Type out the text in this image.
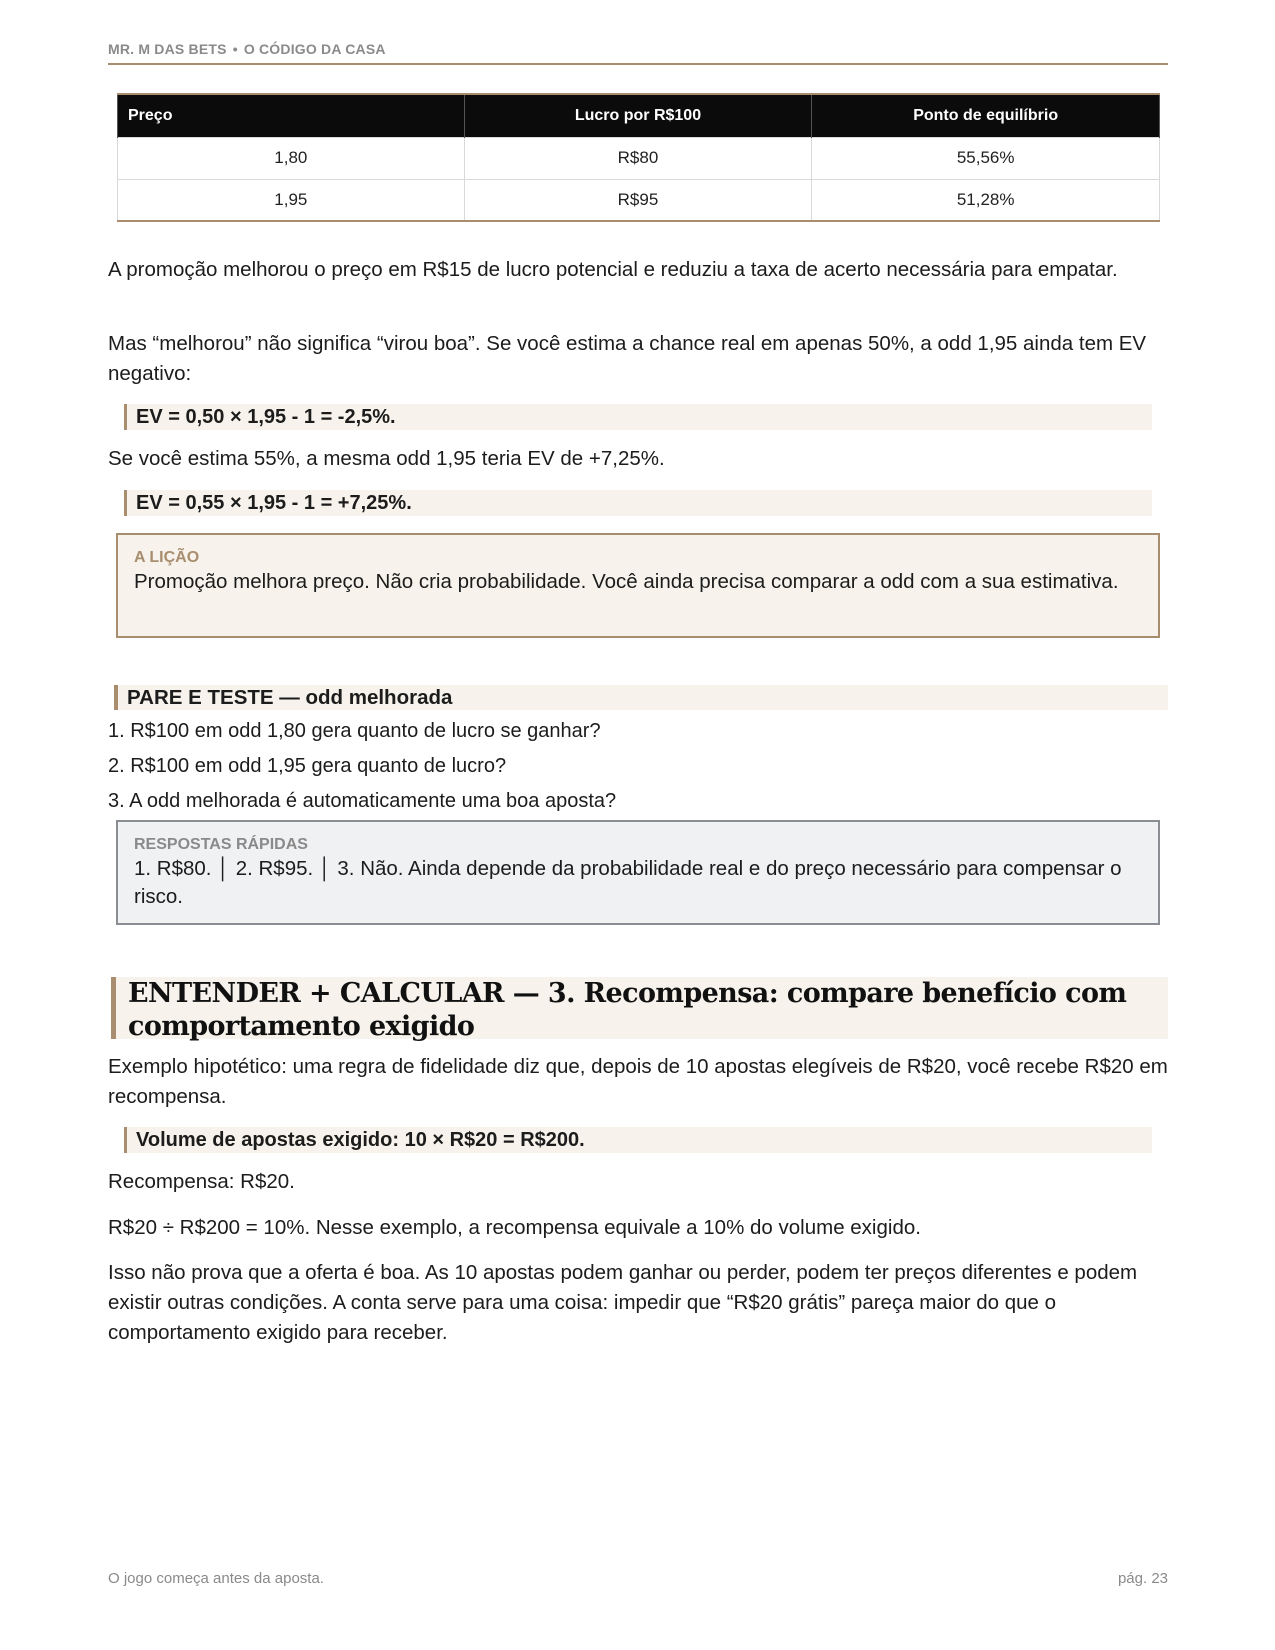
MR. M DAS BETS • O CÓDIGO DA CASA
Preço	Lucro por R$100	Ponto de equilíbrio
1,80	R$80	55,56%
1,95	R$95	51,28%

A promoção melhorou o preço em R$15 de lucro potencial e reduziu a taxa de acerto necessária para empatar.

Mas “melhorou” não significa “virou boa”. Se você estima a chance real em apenas 50%, a odd 1,95 ainda tem EV negativo:

EV = 0,50 × 1,95 - 1 = -2,5%.

Se você estima 55%, a mesma odd 1,95 teria EV de +7,25%.

EV = 0,55 × 1,95 - 1 = +7,25%.
A LIÇÃO
Promoção melhora preço. Não cria probabilidade. Você ainda precisa comparar a odd com a sua estimativa.
PARE E TESTE — odd melhorada
1. R$100 em odd 1,80 gera quanto de lucro se ganhar?
2. R$100 em odd 1,95 gera quanto de lucro?
3. A odd melhorada é automaticamente uma boa aposta?
RESPOSTAS RÁPIDAS
1. R$80. │ 2. R$95. │ 3. Não. Ainda depende da probabilidade real e do preço necessário para compensar o risco.
ENTENDER + CALCULAR — 3. Recompensa: compare benefício com comportamento exigido

Exemplo hipotético: uma regra de fidelidade diz que, depois de 10 apostas elegíveis de R$20, você recebe R$20 em recompensa.

Volume de apostas exigido: 10 × R$20 = R$200.

Recompensa: R$20.

R$20 ÷ R$200 = 10%. Nesse exemplo, a recompensa equivale a 10% do volume exigido.

Isso não prova que a oferta é boa. As 10 apostas podem ganhar ou perder, podem ter preços diferentes e podem existir outras condições. A conta serve para uma coisa: impedir que “R$20 grátis” pareça maior do que o comportamento exigido para receber.

O jogo começa antes da aposta.	pág. 23
